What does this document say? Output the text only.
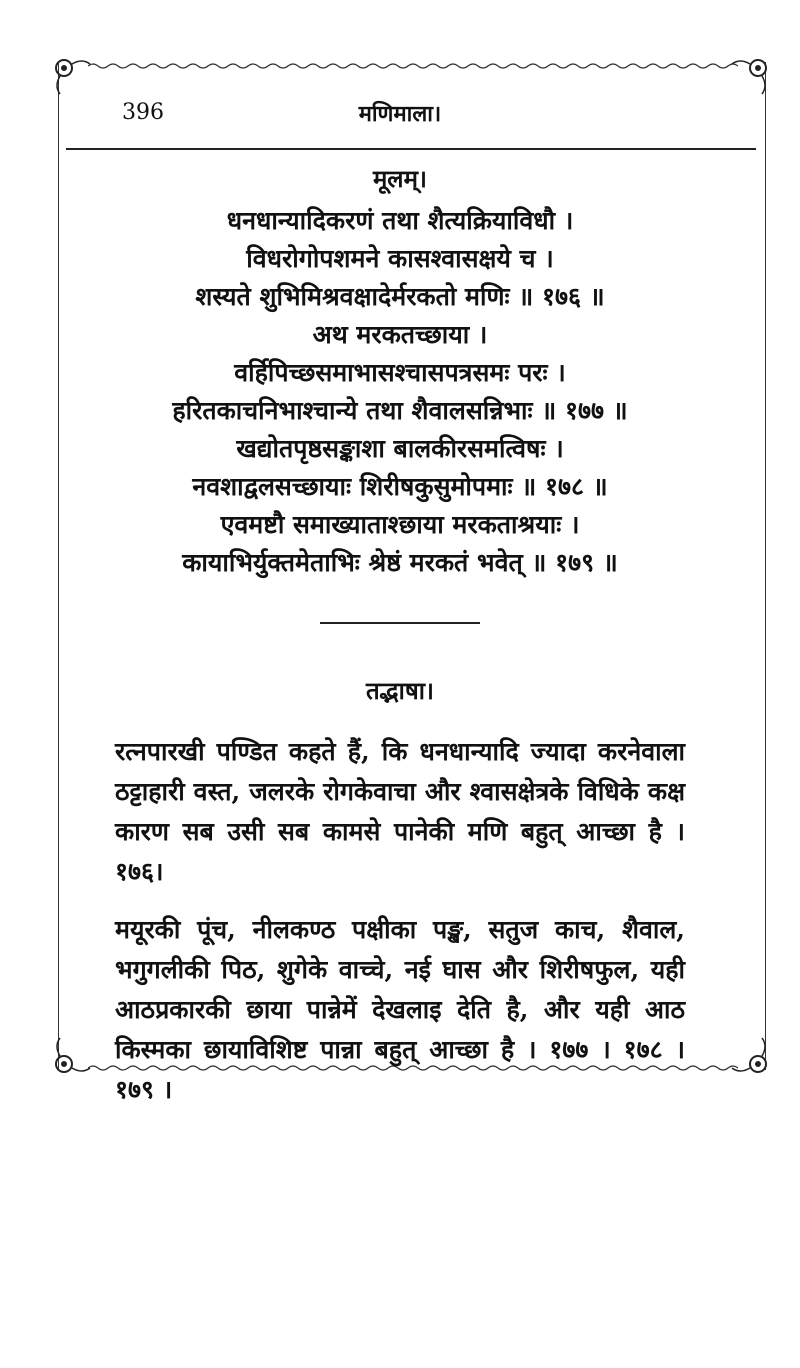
396	मणिमाला।
मूलम्।
धनधान्यादिकरणं तथा शैत्यक्रियाविधौ ।
विधरोगोपशमने कासश्वासक्षये च ।
शस्यते शुभिमिश्रवक्षादेर्मरकतो मणिः ॥ १७६ ॥
अथ मरकतच्छाया ।
वर्हिपिच्छसमाभासश्चासपत्रसमः परः ।
हरितकाचनिभाश्चान्ये तथा शैवालसन्निभाः ॥ १७७ ॥
खद्योतपृष्ठसङ्काशा बालकीरसमत्विषः ।
नवशाद्वलसच्छायाः शिरीषकुसुमोपमाः ॥ १७८ ॥
एवमष्टौ समाख्याताश्छाया मरकताश्रयाः ।
कायाभिर्युक्तमेताभिः श्रेष्ठं मरकतं भवेत् ॥ १७९ ॥
तद्भाषा।

रत्नपारखी पण्डित कहते हैं, कि धनधान्यादि ज्यादा करनेवाला ठट्टाहारी वस्त, जलरके रोगकेवाचा और श्वासक्षेत्रके विधिके कक्ष कारण सब उसी सब कामसे पानेकी मणि बहुत् आच्छा है । १७६।

मयूरकी पूंच, नीलकण्ठ पक्षीका पङ्ख, सतुज काच, शैवाल, भगुगलीकी पिठ, शुगेके वाच्चे, नई घास और शिरीषफुल, यही आठप्रकारकी छाया पान्नेमें देखलाइ देति है, और यही आठ किस्मका छायाविशिष्ट पान्ना बहुत् आच्छा है । १७७ । १७८ । १७९ ।
